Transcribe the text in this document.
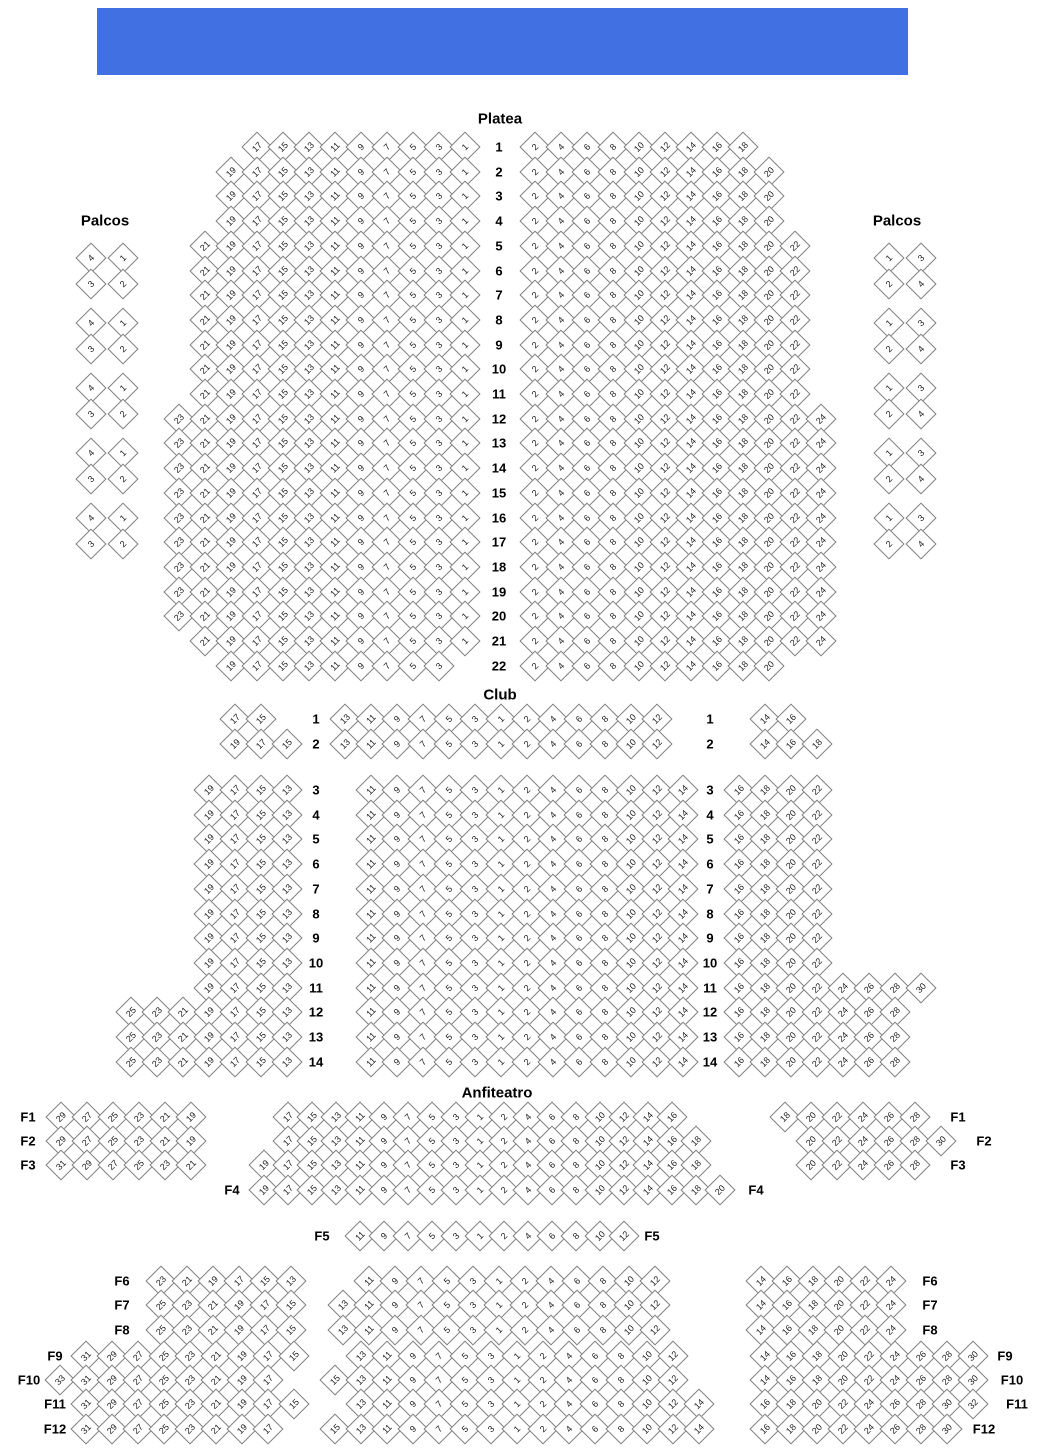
Platea
Palcos	Palcos
Club
Anfiteatro
17	15	13	11	9	7	5	3	1	1	2	4	6	8	10	12	14	16	18
19	17	15	13	11	9	7	5	3	1	2	2	4	6	8	10	12	14	16	18	20
19	17	15	13	11	9	7	5	3	1	3	2	4	6	8	10	12	14	16	18	20
19	17	15	13	11	9	7	5	3	1	4	2	4	6	8	10	12	14	16	18	20
21	19	17	15	13	11	9	7	5	3	1	5	2	4	6	8	10	12	14	16	18	20	22
21	19	17	15	13	11	9	7	5	3	1	6	2	4	6	8	10	12	14	16	18	20	22
21	19	17	15	13	11	9	7	5	3	1	7	2	4	6	8	10	12	14	16	18	20	22
21	19	17	15	13	11	9	7	5	3	1	8	2	4	6	8	10	12	14	16	18	20	22
21	19	17	15	13	11	9	7	5	3	1	9	2	4	6	8	10	12	14	16	18	20	22
21	19	17	15	13	11	9	7	5	3	1	10	2	4	6	8	10	12	14	16	18	20	22
21	19	17	15	13	11	9	7	5	3	1	11	2	4	6	8	10	12	14	16	18	20	22
23	21	19	17	15	13	11	9	7	5	3	1	12	2	4	6	8	10	12	14	16	18	20	22	24
23	21	19	17	15	13	11	9	7	5	3	1	13	2	4	6	8	10	12	14	16	18	20	22	24
23	21	19	17	15	13	11	9	7	5	3	1	14	2	4	6	8	10	12	14	16	18	20	22	24
23	21	19	17	15	13	11	9	7	5	3	1	15	2	4	6	8	10	12	14	16	18	20	22	24
23	21	19	17	15	13	11	9	7	5	3	1	16	2	4	6	8	10	12	14	16	18	20	22	24
23	21	19	17	15	13	11	9	7	5	3	1	17	2	4	6	8	10	12	14	16	18	20	22	24
23	21	19	17	15	13	11	9	7	5	3	1	18	2	4	6	8	10	12	14	16	18	20	22	24
23	21	19	17	15	13	11	9	7	5	3	1	19	2	4	6	8	10	12	14	16	18	20	22	24
23	21	19	17	15	13	11	9	7	5	3	1	20	2	4	6	8	10	12	14	16	18	20	22	24
21	19	17	15	13	11	9	7	5	3	1	21	2	4	6	8	10	12	14	16	18	20	22	24
19	17	15	13	11	9	7	5	3	22	2	4	6	8	10	12	14	16	18	20
4	1
3	2
4	1
3	2
4	1
3	2
4	1
3	2
4	1
3	2
1	3
2	4
1	3
2	4
1	3
2	4
1	3
2	4
1	3
2	4
17	15	1	13	11	9	7	5	3	1	2	4	6	8	10	12	1	14	16
19	17	15	2	13	11	9	7	5	3	1	2	4	6	8	10	12	2	14	16	18
19	17	15	13	3	11	9	7	5	3	1	2	4	6	8	10	12	14	3	16	18	20	22
19	17	15	13	4	11	9	7	5	3	1	2	4	6	8	10	12	14	4	16	18	20	22
19	17	15	13	5	11	9	7	5	3	1	2	4	6	8	10	12	14	5	16	18	20	22
19	17	15	13	6	11	9	7	5	3	1	2	4	6	8	10	12	14	6	16	18	20	22
19	17	15	13	7	11	9	7	5	3	1	2	4	6	8	10	12	14	7	16	18	20	22
19	17	15	13	8	11	9	7	5	3	1	2	4	6	8	10	12	14	8	16	18	20	22
19	17	15	13	9	11	9	7	5	3	1	2	4	6	8	10	12	14	9	16	18	20	22
19	17	15	13	10	11	9	7	5	3	1	2	4	6	8	10	12	14	10	16	18	20	22
19	17	15	13	11	11	9	7	5	3	1	2	4	6	8	10	12	14	11	16	18	20	22	24	26	28	30
25	23	21	19	17	15	13	12	11	9	7	5	3	1	2	4	6	8	10	12	14	12	16	18	20	22	24	26	28
25	23	21	19	17	15	13	13	11	9	7	5	3	1	2	4	6	8	10	12	14	13	16	18	20	22	24	26	28
25	23	21	19	17	15	13	14	11	9	7	5	3	1	2	4	6	8	10	12	14	14	16	18	20	22	24	26	28
F1	29	27	25	23	21	19	17	15	13	11	9	7	5	3	1	2	4	6	8	10	12	14	16	18	20	22	24	26	28	F1
F2	29	27	25	23	21	19	17	15	13	11	9	7	5	3	1	2	4	6	8	10	12	14	16	18	20	22	24	26	28	30	F2
F3	31	29	27	25	23	21	19	17	15	13	11	9	7	5	3	1	2	4	6	8	10	12	14	16	18	20	22	24	26	28	F3
F4	19	17	15	13	11	9	7	5	3	1	2	4	6	8	10	12	14	16	18	20	F4
F5	11	9	7	5	3	1	2	4	6	8	10	12	F5
F6	23	21	19	17	15	13	11	9	7	5	3	1	2	4	6	8	10	12	14	16	18	20	22	24	F6
F7	25	23	21	19	17	15	13	11	9	7	5	3	1	2	4	6	8	10	12	14	16	18	20	22	24	F7
F8	25	23	21	19	17	15	13	11	9	7	5	3	1	2	4	6	8	10	12	14	16	18	20	22	24	F8
F9	31	29	27	25	23	21	19	17	15	13	11	9	7	5	3	1	2	4	6	8	10	12	14	16	18	20	22	24	26	28	30	F9
F10	33	31	29	27	25	23	21	19	17	15	13	11	9	7	5	3	1	2	4	6	8	10	12	14	16	18	20	22	24	26	28	30	F10
F11	31	29	27	25	23	21	19	17	15	13	11	9	7	5	3	1	2	4	6	8	10	12	14	16	18	20	22	24	26	28	30	32	F11
F12	31	29	27	25	23	21	19	17	15	13	11	9	7	5	3	1	2	4	6	8	10	12	14	16	18	20	22	24	26	28	30	F12
